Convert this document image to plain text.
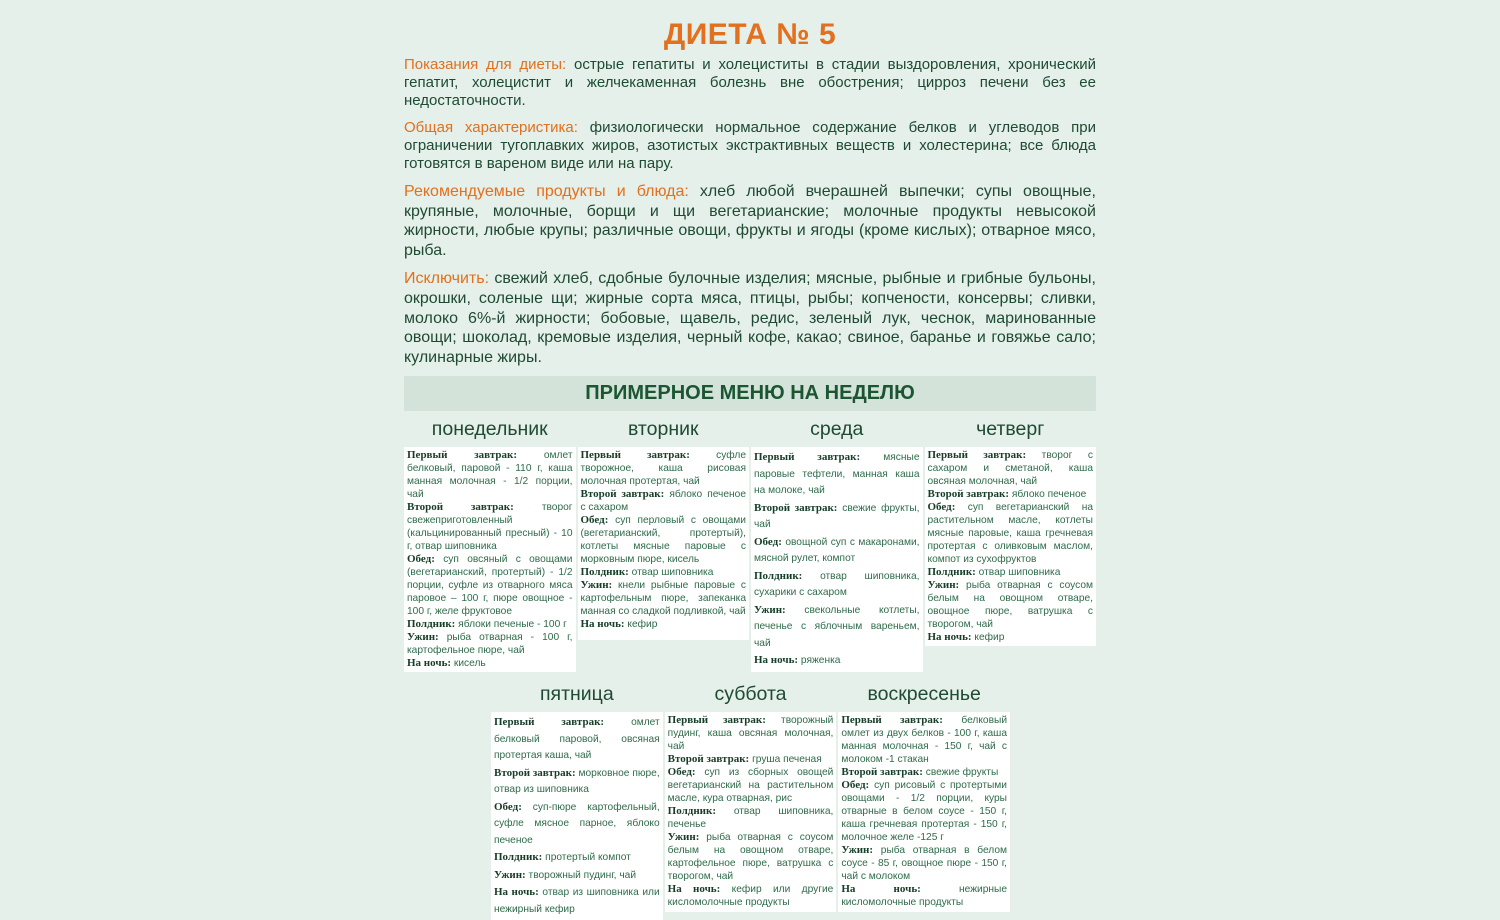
ДИЕТА № 5

Показания для диеты: острые гепатиты и холециститы в стадии выздоровления, хронический гепатит, холецистит и желчекаменная болезнь вне обострения; цирроз печени без ее недостаточности.

Общая характеристика: физиологически нормальное содержание белков и углеводов при ограничении тугоплавких жиров, азотистых экстрактивных веществ и холестерина; все блюда готовятся в вареном виде или на пару.

Рекомендуемые продукты и блюда: хлеб любой вчерашней выпечки; супы овощные, крупяные, молочные, борщи и щи вегетарианские; молочные продукты невысокой жирности, любые крупы; различные овощи, фрукты и ягоды (кроме кислых); отварное мясо, рыба.

Исключить: свежий хлеб, сдобные булочные изделия; мясные, рыбные и грибные бульоны, окрошки, соленые щи; жирные сорта мяса, птицы, рыбы; копчености, консервы; сливки, молоко 6%-й жирности; бобовые, щавель, редис, зеленый лук, чеснок, маринованные овощи; шоколад, кремовые изделия, черный кофе, какао; свиное, баранье и говяжье сало; кулинарные жиры.

ПРИМЕРНОЕ МЕНЮ НА НЕДЕЛЮ
понедельник
Первый завтрак:	омлет белковый, паровой - 110 г, каша манная молочная - 1/2 порции, чай
Второй завтрак:	творог свежеприготовленный (кальцинированный пресный) - 10 г, отвар шиповника
Обед: суп овсяный с овощами (вегетарианский, протертый) - 1/2 порции, суфле из отварного мяса паровое – 100 г, пюре овощное - 100 г, желе фруктовое
Полдник: яблоки печеные - 100 г
Ужин: рыба отварная - 100 г, картофельное пюре, чай
На ночь: кисель
вторник
Первый завтрак:	суфле творожное, каша рисовая молочная протертая, чай
Второй завтрак: яблоко печеное с сахаром
Обед: суп перловый с овощами (вегетарианский, протертый), котлеты мясные паровые с морковным пюре, кисель
Полдник: отвар шиповника
Ужин: кнели рыбные паровые с картофельным пюре, запеканка манная со сладкой подливкой, чай
На ночь: кефир
среда
Первый завтрак: мясные паровые тефтели, манная каша на молоке, чай
Второй завтрак: свежие фрукты, чай
Обед: овощной суп с макаронами, мясной рулет, компот
Полдник: отвар шиповника, сухарики с сахаром
Ужин: свекольные котлеты, печенье с яблочным вареньем, чай
На ночь: ряженка
четверг
Первый завтрак: творог с сахаром и сметаной, каша овсяная молочная, чай
Второй завтрак: яблоко печеное
Обед: суп вегетарианский на растительном масле, котлеты мясные паровые, каша гречневая протертая с оливковым маслом, компот из сухофруктов
Полдник: отвар шиповника
Ужин: рыба отварная с соусом белым на овощном отваре, овощное пюре, ватрушка с творогом, чай
На ночь: кефир
пятница
Первый завтрак:	омлет белковый паровой, овсяная протертая каша, чай
Второй завтрак: морковное пюре, отвар из шиповника
Обед: суп-пюре картофельный, суфле мясное парное, яблоко печеное
Полдник: протертый компот
Ужин: творожный пудинг, чай
На ночь: отвар из шиповника или нежирный кефир
суббота
Первый завтрак: творожный пудинг, каша овсяная молочная, чай
Второй завтрак: груша печеная
Обед: суп из сборных овощей вегетарианский на растительном масле, кура отварная, рис
Полдник: отвар шиповника, печенье
Ужин: рыба отварная с соусом белым на овощном отваре, картофельное пюре, ватрушка с творогом, чай
На ночь: кефир или другие кисломолочные продукты
воскресенье
Первый завтрак: белковый омлет из двух белков - 100 г, каша манная молочная - 150 г, чай с молоком -1 стакан
Второй завтрак: свежие фрукты
Обед: суп рисовый с протертыми овощами - 1/2 порции, куры отварные в белом соусе - 150 г, каша гречневая протертая - 150 г, молочное желе -125 г
Ужин: рыба отварная в белом соусе - 85 г, овощное пюре - 150 г, чай с молоком
На ночь:	нежирные кисломолочные продукты
